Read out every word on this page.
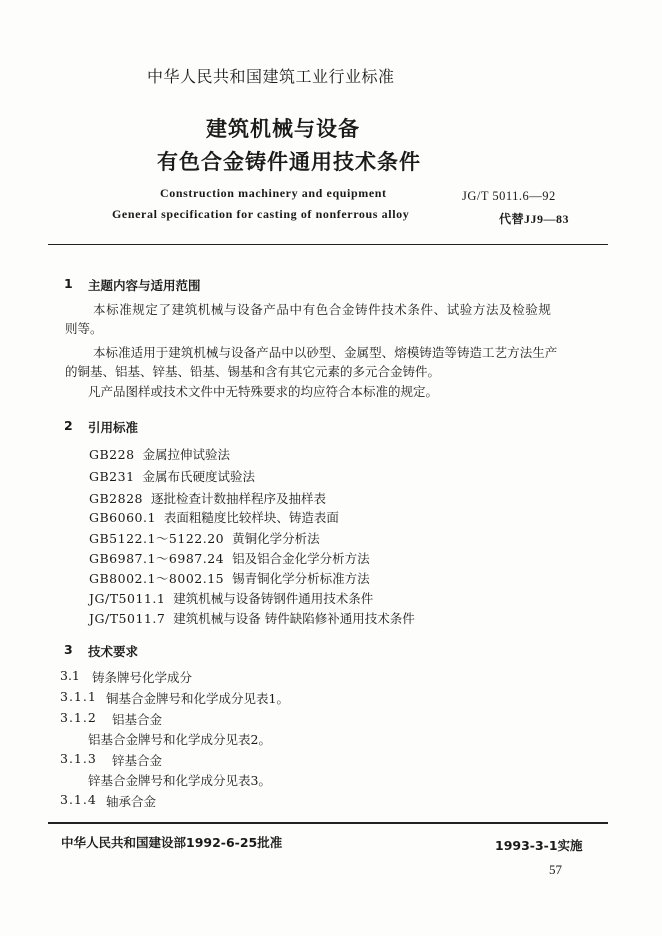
中华人民共和国建筑工业行业标准
建筑机械与设备
有色合金铸件通用技术条件
Construction machinery and equipment
General specification for casting of nonferrous alloy
JG/T 5011.6—92
代替JJ9—83
1 主题内容与适用范围
本标准规定了建筑机械与设备产品中有色合金铸件技术条件、试验方法及检验规
则等。
本标准适用于建筑机械与设备产品中以砂型、金属型、熔模铸造等铸造工艺方法生产
的铜基、铝基、锌基、铅基、锡基和含有其它元素的多元合金铸件。
凡产品图样或技术文件中无特殊要求的均应符合本标准的规定。
2 引用标准
GB228 金属拉伸试验法
GB231 金属布氏硬度试验法
GB2828 逐批检查计数抽样程序及抽样表
GB6060.1 表面粗糙度比较样块、铸造表面
GB5122.1～5122.20 黄铜化学分析法
GB6987.1～6987.24 铝及铝合金化学分析方法
GB8002.1～8002.15 锡青铜化学分析标准方法
JG/T5011.1 建筑机械与设备铸钢件通用技术条件
JG/T5011.7 建筑机械与设备 铸件缺陷修补通用技术条件
3 技术要求
3.1 铸条牌号化学成分
3.1.1 铜基合金牌号和化学成分见表1。
3.1.2 铝基合金
铝基合金牌号和化学成分见表2。
3.1.3 锌基合金
锌基合金牌号和化学成分见表3。
3.1.4 轴承合金
中华人民共和国建设部1992-6-25批准	1993-3-1实施
57
